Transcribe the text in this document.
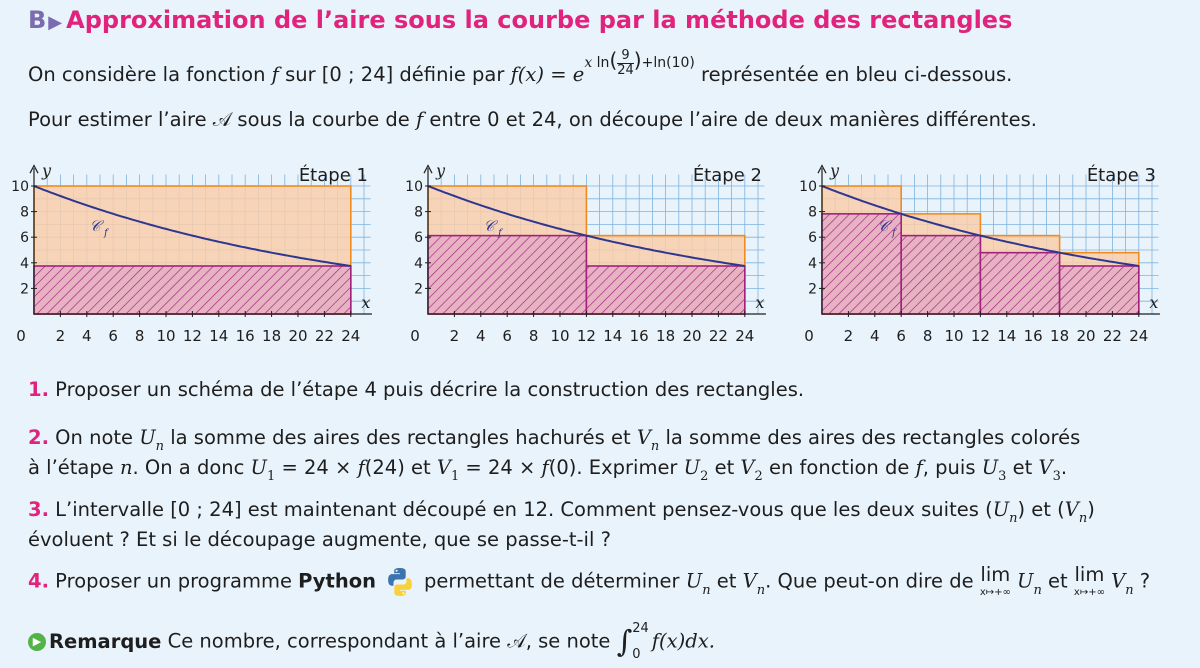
B ▶ Approximation de l’aire sous la courbe par la méthode des rectangles
On considère la fonction f sur [0 ; 24] définie par $f(x) = e^{x ln( \frac{9}{24} )+ln(10)}$ représentée en bleu ci-dessous.
Pour estimer l’aire 𝒜 sous la courbe de f entre 0 et 24, on découpe l’aire de deux manières différentes.
2
4
6
8
10
2 4 6 8 10 12 14 16 18 20 22 24
0
y
x
𝒞 f
Étape 1
2
4
6
8
10
2 4 6 8 10 12 14 16 18 20 22 24
0
y
x
𝒞 f
Étape 2
2
4
6
8
10
2 4 6 8 10 12 14 16 18 20 22 24
0
y
x
𝒞 f
Étape 3
1. Proposer un schéma de l’étape 4 puis décrire la construction des rectangles.
2. On note $U_n$ la somme des aires des rectangles hachurés et $V_n$ la somme des aires des rectangles colorés
à l’étape n. On a donc $U_1 = 24 \times f(24)$ et $V_1 = 24 \times f(0)$. Exprimer $U_2$ et $V_2$ en fonction de f, puis $U_3$ et $V_3$.
3. L’intervalle [0 ; 24] est maintenant découpé en 12. Comment pensez-vous que les deux suites $(U_n)$ et $(V_n)$
évoluent ? Et si le découpage augmente, que se passe-t-il ?
4. Proposer un programme Python permettant de déterminer $U_n$ et $V_n$. Que peut-on dire de lim
x↦+∞ $U_n$ et lim
x↦+∞ $V_n$ ?
▶ Remarque Ce nombre, correspondant à l’aire 𝒜, se note ∫ 24
0
f(x)dx.
